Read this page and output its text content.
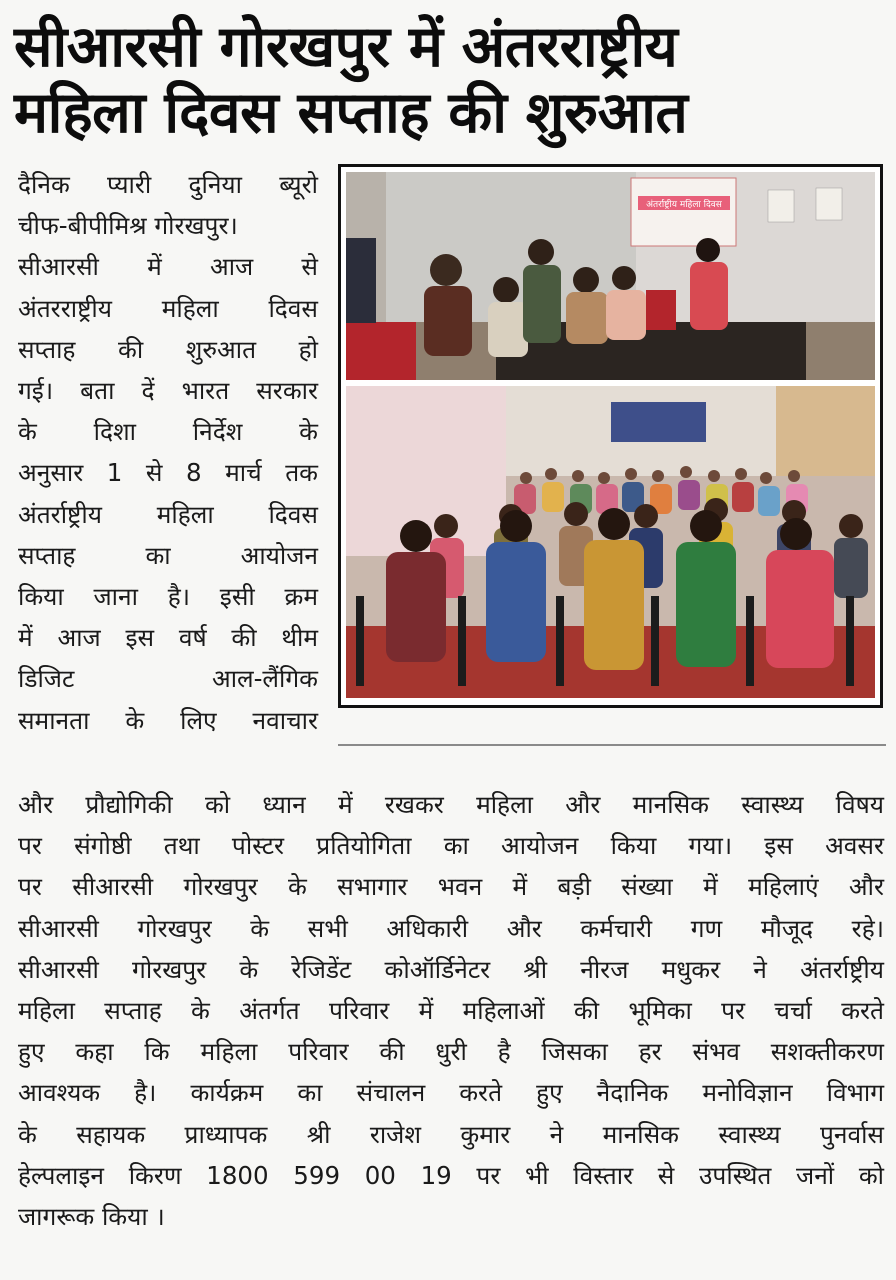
सीआरसी गोरखपुर में अंतरराष्ट्रीय
महिला दिवस सप्ताह की शुरुआत
दैनिक प्यारी दुनिया ब्यूरो
चीफ-बीपीमिश्र गोरखपुर।
सीआरसी में आज से
अंतरराष्ट्रीय महिला दिवस
सप्ताह की शुरुआत हो
गई। बता दें भारत सरकार
के दिशा निर्देश के
अनुसार 1 से 8 मार्च तक
अंतर्राष्ट्रीय महिला दिवस
सप्ताह का आयोजन
किया जाना है। इसी क्रम
में आज इस वर्ष की थीम
डिजिट आल-लैंगिक
समानता के लिए नवाचार
अंतर्राष्ट्रीय महिला दिवस
और प्रौद्योगिकी को ध्यान में रखकर महिला और मानसिक स्वास्थ्य विषय
पर संगोष्ठी तथा पोस्टर प्रतियोगिता का आयोजन किया गया। इस अवसर
पर सीआरसी गोरखपुर के सभागार भवन में बड़ी संख्या में महिलाएं और
सीआरसी गोरखपुर के सभी अधिकारी और कर्मचारी गण मौजूद रहे।
सीआरसी गोरखपुर के रेजिडेंट कोऑर्डिनेटर श्री नीरज मधुकर ने अंतर्राष्ट्रीय
महिला सप्ताह के अंतर्गत परिवार में महिलाओं की भूमिका पर चर्चा करते
हुए कहा कि महिला परिवार की धुरी है जिसका हर संभव सशक्तीकरण
आवश्यक है। कार्यक्रम का संचालन करते हुए नैदानिक मनोविज्ञान विभाग
के सहायक प्राध्यापक श्री राजेश कुमार ने मानसिक स्वास्थ्य पुनर्वास
हेल्पलाइन किरण 1800 599 00 19 पर भी विस्तार से उपस्थित जनों को
जागरूक किया ।
